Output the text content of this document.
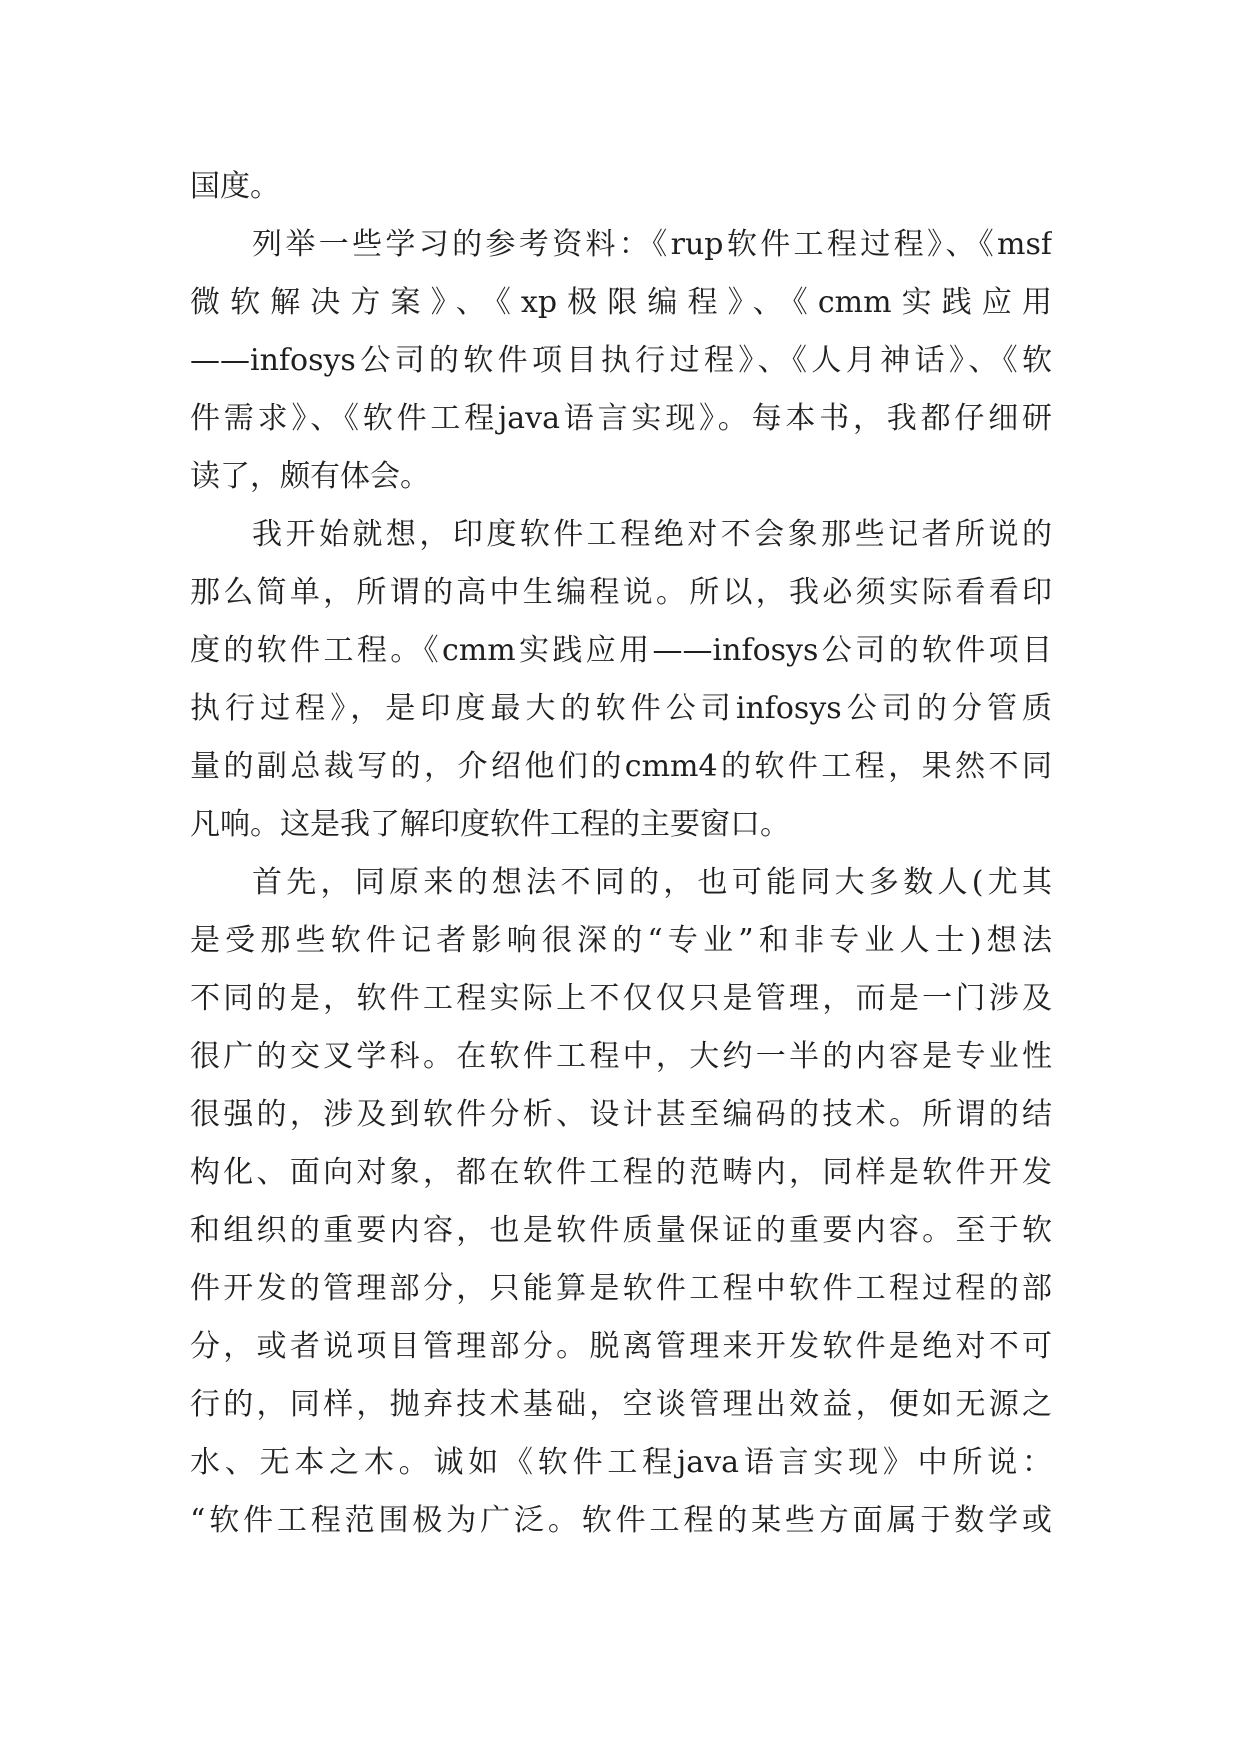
国度。
列举一些学习的参考资料：《rup软件工程过程》、《msf
微软解决方案》、《xp极限编程》、《cmm实践应用
——infosys公司的软件项目执行过程》、《人月神话》、《软
件需求》、《软件工程java语言实现》。每本书，我都仔细研
读了，颇有体会。
我开始就想，印度软件工程绝对不会象那些记者所说的
那么简单，所谓的高中生编程说。所以，我必须实际看看印
度的软件工程。《cmm实践应用——infosys公司的软件项目
执行过程》，是印度最大的软件公司infosys公司的分管质
量的副总裁写的，介绍他们的cmm4的软件工程，果然不同
凡响。这是我了解印度软件工程的主要窗口。
首先，同原来的想法不同的，也可能同大多数人(尤其
是受那些软件记者影响很深的“专业”和非专业人士)想法
不同的是，软件工程实际上不仅仅只是管理，而是一门涉及
很广的交叉学科。在软件工程中，大约一半的内容是专业性
很强的，涉及到软件分析、设计甚至编码的技术。所谓的结
构化、面向对象，都在软件工程的范畴内，同样是软件开发
和组织的重要内容，也是软件质量保证的重要内容。至于软
件开发的管理部分，只能算是软件工程中软件工程过程的部
分，或者说项目管理部分。脱离管理来开发软件是绝对不可
行的，同样，抛弃技术基础，空谈管理出效益，便如无源之
水、无本之木。诚如《软件工程java语言实现》中所说：
“软件工程范围极为广泛。软件工程的某些方面属于数学或
